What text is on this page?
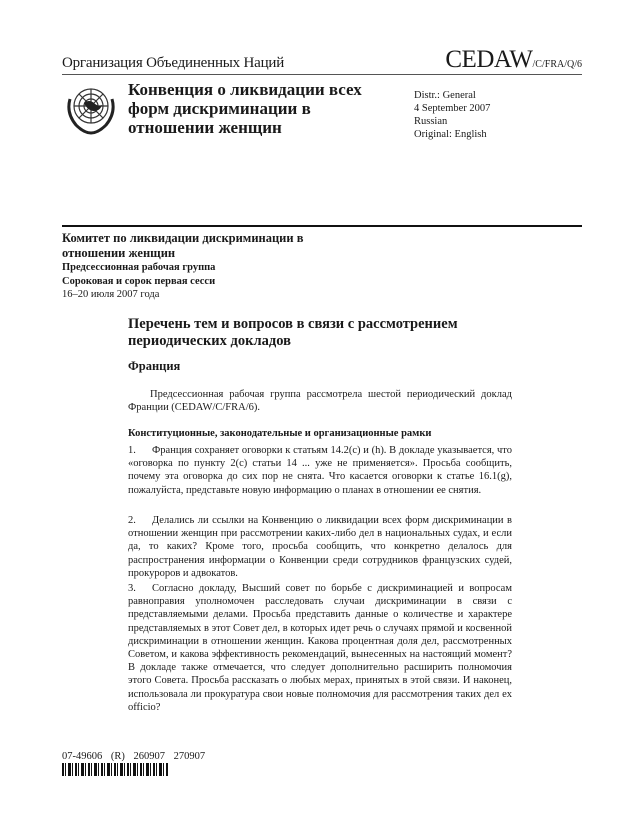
Организация Объединенных Наций	CEDAW/C/FRA/Q/6
Конвенция о ликвидации всех форм дискриминации в отношении женщин
Distr.: General
4 September 2007
Russian
Original: English
Комитет по ликвидации дискриминации в отношении женщин
Предсессионная рабочая группа
Сороковая и сорок первая сесси
16–20 июля 2007 года
Перечень тем и вопросов в связи с рассмотрением периодических докладов
Франция
Предсессионная рабочая группа рассмотрела шестой периодический доклад Франции (CEDAW/C/FRA/6).
Конституционные, законодательные и организационные рамки
1. Франция сохраняет оговорки к статьям 14.2(c) и (h). В докладе указывается, что «оговорка по пункту 2(c) статьи 14 ... уже не применяется». Просьба сообщить, почему эта оговорка до сих пор не снята. Что касается оговорки к статье 16.1(g), пожалуйста, представьте новую информацию о планах в отношении ее снятия.
2. Делались ли ссылки на Конвенцию о ликвидации всех форм дискриминации в отношении женщин при рассмотрении каких-либо дел в национальных судах, и если да, то каких? Кроме того, просьба сообщить, что конкретно делалось для распространения информации о Конвенции среди сотрудников французских судей, прокуроров и адвокатов.
3. Согласно докладу, Высший совет по борьбе с дискриминацией и вопросам равноправия уполномочен расследовать случаи дискриминации в связи с представляемыми делами. Просьба представить данные о количестве и характере представляемых в этот Совет дел, в которых идет речь о случаях прямой и косвенной дискриминации в отношении женщин. Какова процентная доля дел, рассмотренных Советом, и какова эффективность рекомендаций, вынесенных на настоящий момент? В докладе также отмечается, что следует дополнительно расширить полномочия этого Совета. Просьба рассказать о любых мерах, принятых в этой связи. И наконец, использовала ли прокуратура свои новые полномочия для рассмотрения таких дел ex officio?
07-49606 (R) 260907 270907
